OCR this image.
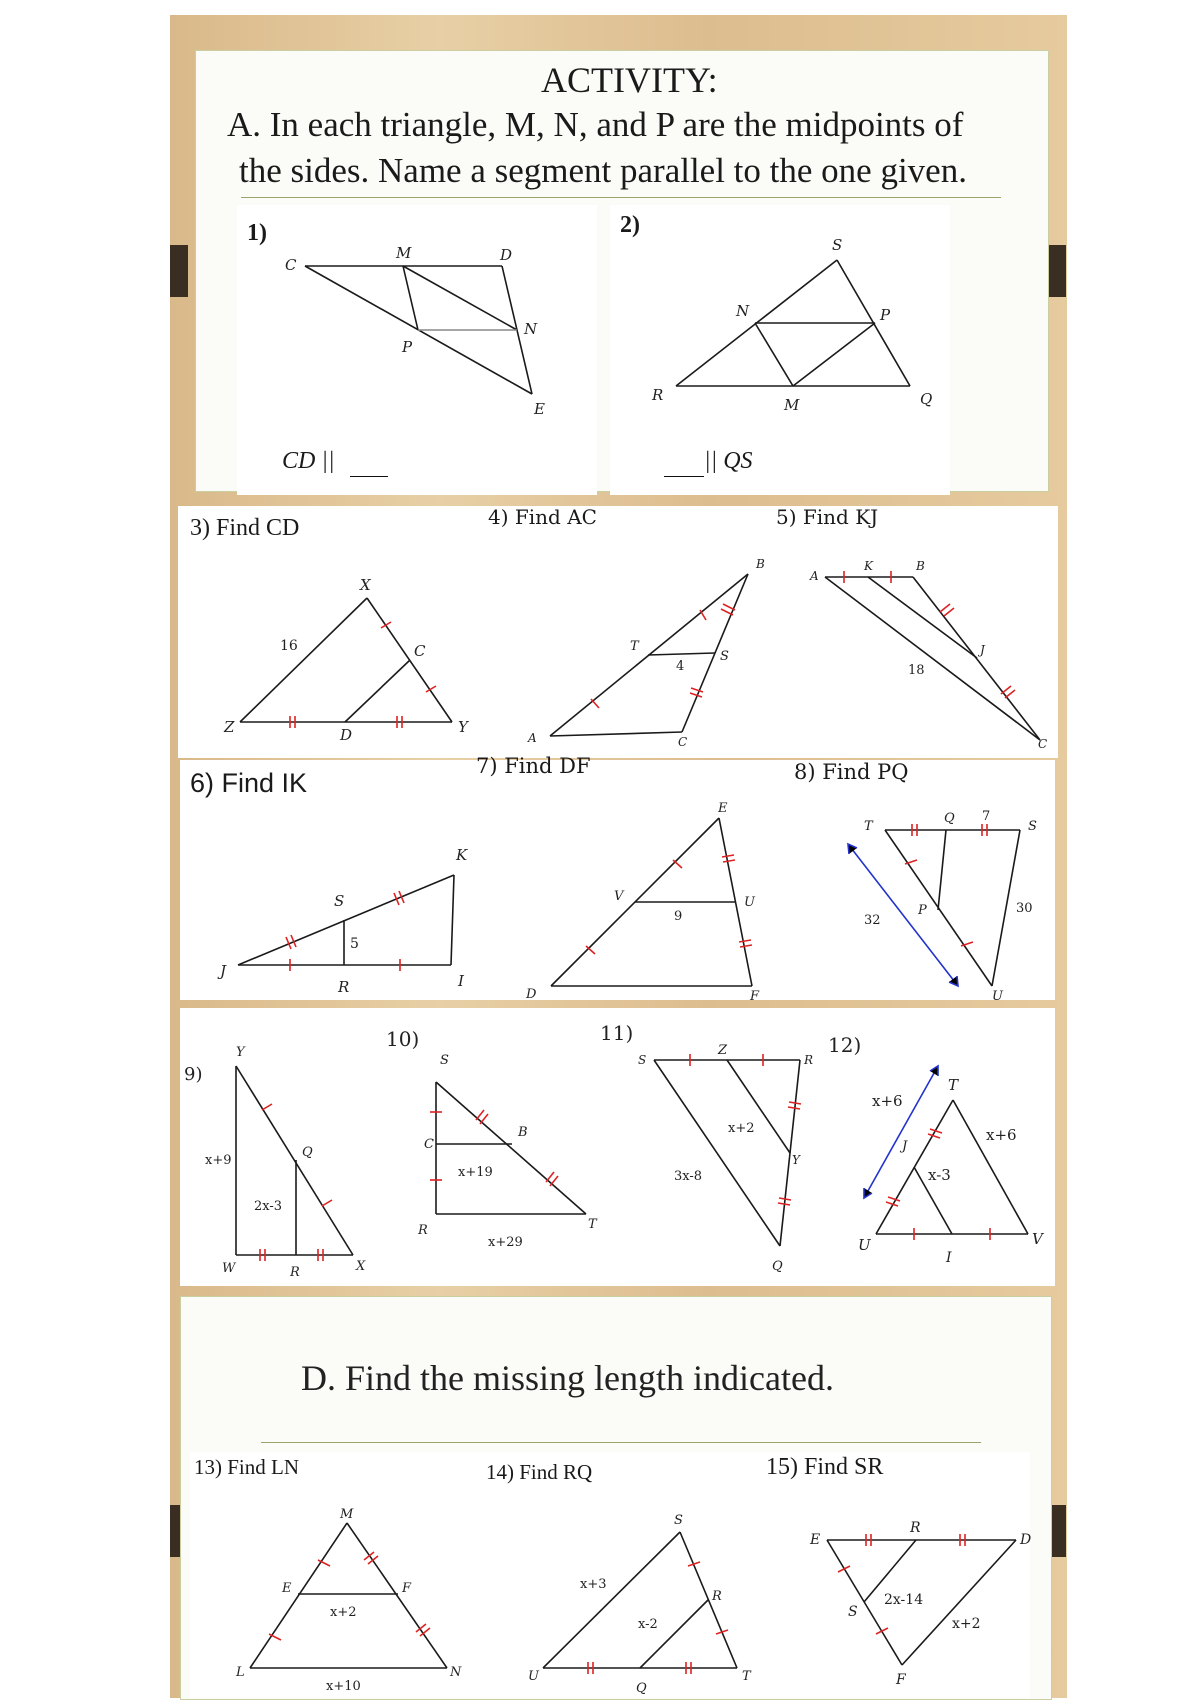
ACTIVITY:
A. In each triangle, M, N, and P are the midpoints of
the sides. Name a segment parallel to the one given.
1)
C
M	D
P
N
E
CD ||
2)
S
N	P
R
M	Q
|| QS
3) Find CD	4) Find AC	5) Find KJ
X
C
Z	D	Y
16
B
T
S
A	C
4
A
K	B
J
C
18
6) Find IK
7) Find DF	8) Find PQ
K
S
J
R	I
5
E
V	U
D	F
9
T
Q
S
P
U
7
32
30
9)
Y
Q
W	R	X
x+9
2x-3
10)
S
C
B
R	T
x+19
x+29
11)
S
Z
R
Y
Q
x+2
3x-8
12)
T
J
U
I
V
x+6
x+6
x-3
D. Find the missing length indicated.
13) Find LN	14) Find RQ	15) Find SR
M
E	F
L	N
x+2
x+10
S
R
U
Q
T
x+3
x-2
E
R
D
S
F
2x-14
x+2
